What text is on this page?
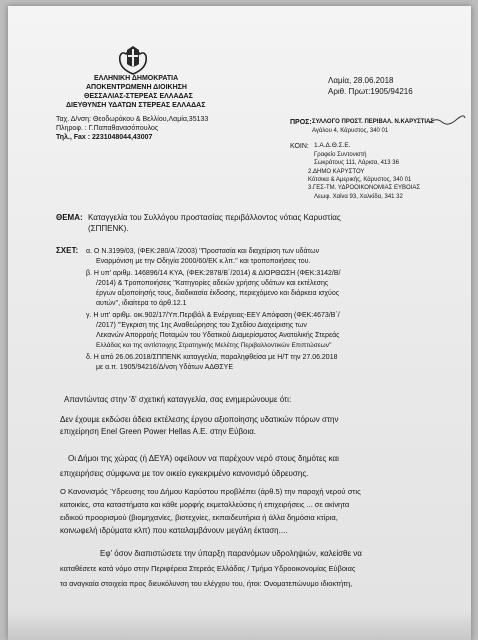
ΕΛΛΗΝΙΚΗ ΔΗΜΟΚΡΑΤΙΑ
ΑΠΟΚΕΝΤΡΩΜΕΝΗ ΔΙΟΙΚΗΣΗ
ΘΕΣΣΑΛΙΑΣ-ΣΤΕΡΕΑΣ ΕΛΛΑΔΑΣ
ΔΙΕΥΘΥΝΣΗ ΥΔΑΤΩΝ ΣΤΕΡΕΑΣ ΕΛΛΑΔΑΣ
Ταχ. Δ/νση: Θεοδωράκου & Βελλίου,Λαμία,35133
Πληροφ. : Γ.Παπαθανασόπουλος
Τηλ., Fax : 2231048044,43007
Λαμία, 28.06.2018
Αριθ. Πρωτ:1905/94216
ΠΡΟΣ: ΣΥΛΛΟΓΟ ΠΡΟΣΤ. ΠΕΡΙΒΑΛ. Ν.ΚΑΡΥΣΤΙΑΣ
Αγάλου 4, Κάρυστος, 340 01
ΚΟΙΝ: 1.Α.Δ.Θ.Σ.Ε.
Γραφείο Συντονιστή
Σωκράτους 111, Λάρισα, 413 36
2.ΔΗΜΟ ΚΑΡΥΣΤΟΥ
Κότσικα & Αμερικής, Κάρυστος, 340 01
3.ΓΕΣ-ΤΜ. ΥΔΡΟΟΙΚΟΝΟΜΙΑΣ ΕΥΒΟΙΑΣ
Λεωφ. Χαίνα 93, Χαλκίδα, 341 32
ΘΕΜΑ: Καταγγελία του Συλλόγου προστασίας περιβάλλοντος νότιας Καρυστίας
(ΣΠΠΕΝΚ).
ΣΧΕΤ: α. Ο Ν.3199/03, (ΦΕΚ:280/Α΄/2003) ''Προστασία και διαχείριση των υδάτων
Εναρμόνιση με την Οδηγία 2000/60/ΕΚ κ.λπ.'' και τροποποιήσεις του.
β. Η υπ' αριθμ. 146896/14 ΚΥΑ, (ΦΕΚ:2878/Β΄/2014) & ΔΙΟΡΘΩΣΗ (ΦΕΚ:3142/Β/
/2014) & Τροποποιήσεις ''Κατηγορίες αδειών χρήσης υδάτων και εκτέλεσης
έργων αξιοποίησής τους, διαδικασία έκδοσης, περιεχόμενο και διάρκεια ισχύος
αυτών'', ιδιαίτερα το άρθ.12.1
γ. Η υπ' αριθμ. οικ.902/17/Υπ.Περιβάλ & Ενέργειας-ΕΕΥ Απόφαση (ΦΕΚ:4673/Β΄/
/2017) ''Έγκριση της 1ης Αναθεώρησης του Σχεδίου Διαχείρισης των
Λεκανών Απορροής Ποταμών του Υδατικού Διαμερίσματος Ανατολικής Στερεάς
Ελλάδας και της αντίστοιχης Στρατηγικής Μελέτης Περιβαλλοντικών Επιπτώσεων''
δ. Η από 26.06.2018/ΣΠΠΕΝΚ καταγγελία, παραληφθείσα με Η/Τ την 27.06.2018
με α.π. 1905/94216/Δ/νση Υδάτων ΑΔΘΣΥΕ
Απαντώντας στην 'δ' σχετική καταγγελία, σας ενημερώνουμε ότι:
Δεν έχουμε εκδώσει άδεια εκτέλεσης έργου αξιοποίησης υδατικών πόρων στην
επιχείρηση Enel Green Power Hellas A.E. στην Εύβοια.
Οι Δήμοι της χώρας (ή ΔΕΥΑ) οφείλουν να παρέχουν νερό στους δημότες και
επιχειρήσεις σύμφωνα με τον οικείο εγκεκριμένο κανονισμό ύδρευσης.
Ο Κανονισμός Ύδρευσης του Δήμου Καρύστου προβλέπει (άρθ.5) την παροχή νερού στις
κατοικίες, στα καταστήματα και κάθε μορφής εκμεταλλεύσεις ή επιχειρήσεις ... σε ακίνητα
ειδικού προορισμού (βιομηχανίες, βιοτεχνίες, εκπαιδευτήρια ή άλλα δημόσια κτίρια,
κοινωφελή ιδρύματα κλπ) που καταλαμβάνουν μεγάλη έκταση....
Εφ' όσον διαπιστώσετε την ύπαρξη παρανόμων υδροληψιών, καλείσθε να
καταθέσετε κατά νόμο στην Περιφέρεια Στερεάς Ελλάδας / Τμήμα Υδροοικονομίας Εύβοιας
τα αναγκαία στοιχεία προς διευκόλυνση του ελέγχου του, ήτοι: Ονοματεπώνυμο ιδιοκτήτη,
